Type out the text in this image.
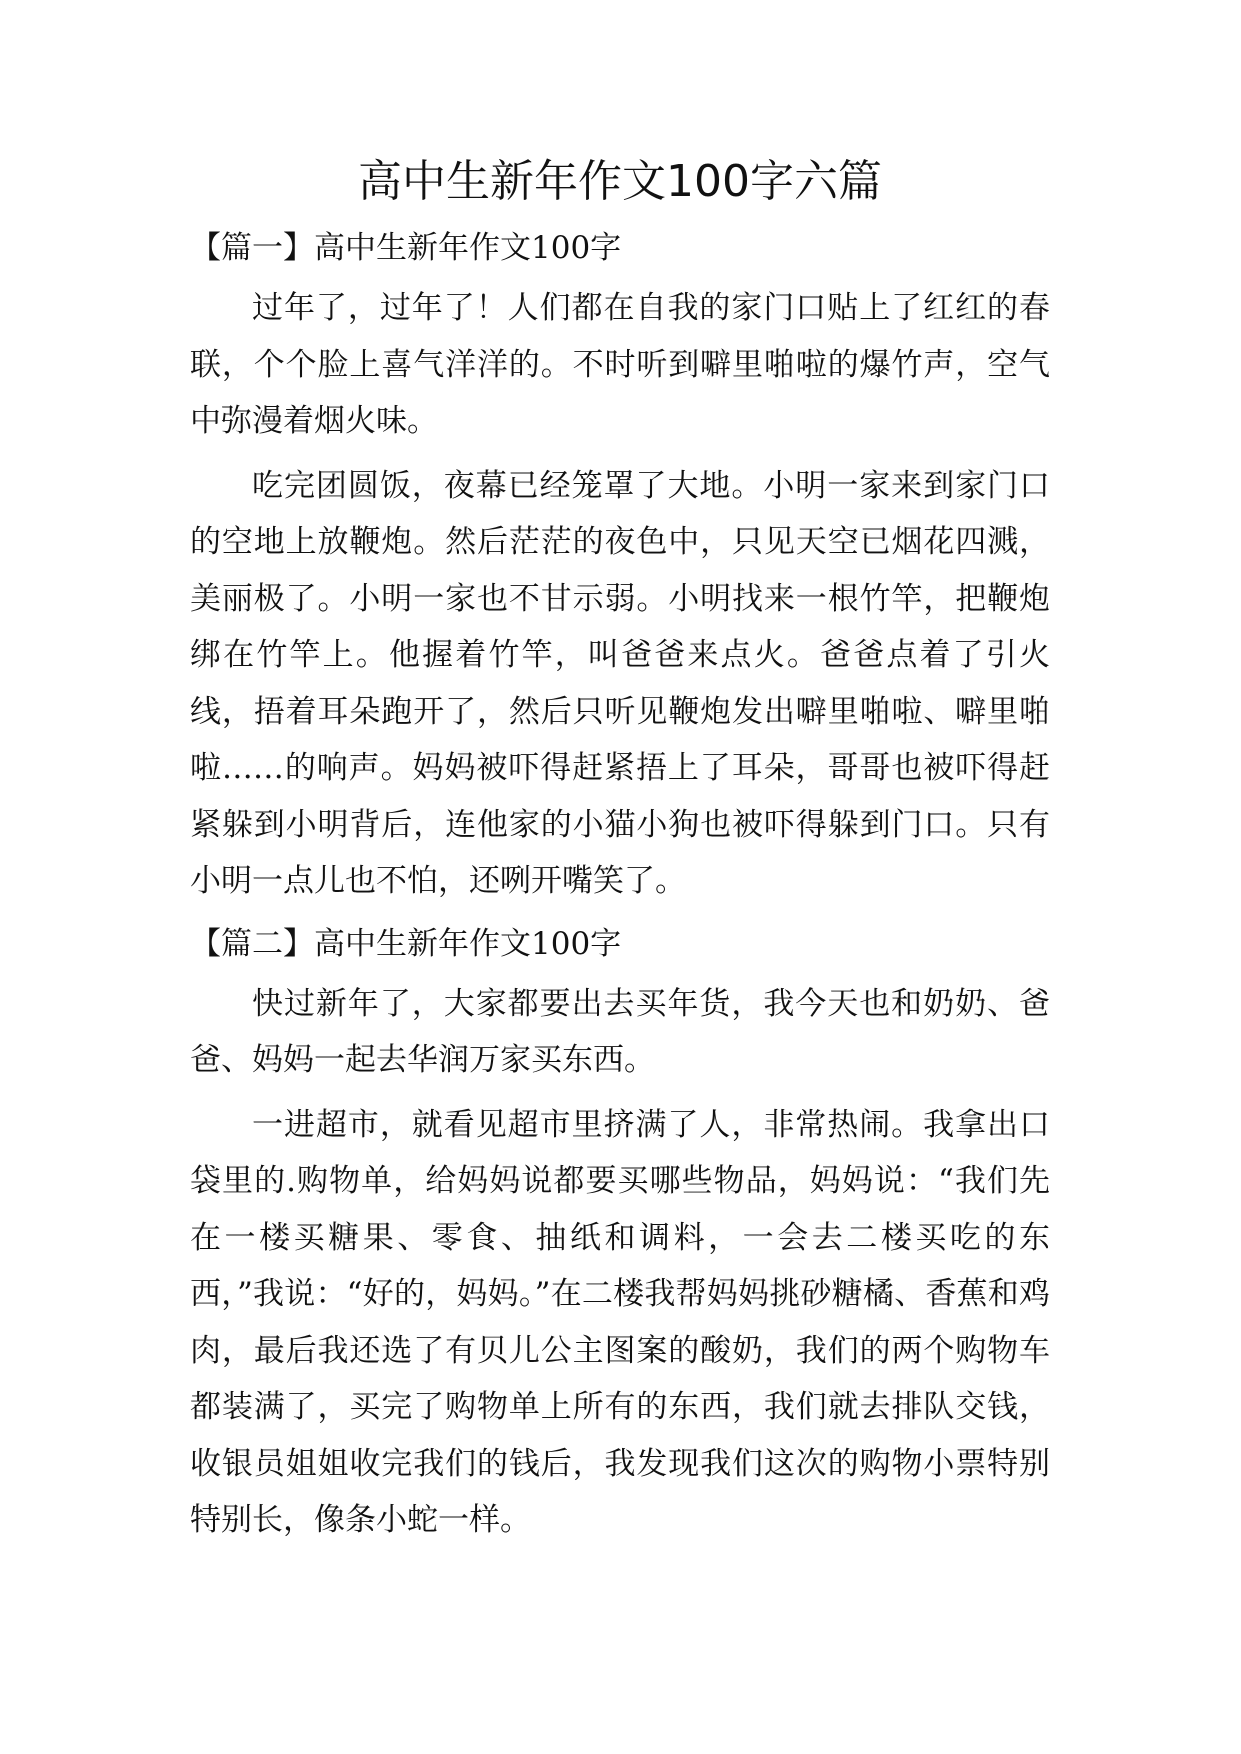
高中生新年作文100字六篇
【篇一】高中生新年作文100字

过年了，过年了！人们都在自我的家门口贴上了红红的春联，个个脸上喜气洋洋的。不时听到噼里啪啦的爆竹声，空气中弥漫着烟火味。

吃完团圆饭，夜幕已经笼罩了大地。小明一家来到家门口的空地上放鞭炮。然后茫茫的夜色中，只见天空已烟花四溅，美丽极了。小明一家也不甘示弱。小明找来一根竹竿，把鞭炮绑在竹竿上。他握着竹竿，叫爸爸来点火。爸爸点着了引火线，捂着耳朵跑开了，然后只听见鞭炮发出噼里啪啦、噼里啪啦……的响声。妈妈被吓得赶紧捂上了耳朵，哥哥也被吓得赶紧躲到小明背后，连他家的小猫小狗也被吓得躲到门口。只有小明一点儿也不怕，还咧开嘴笑了。

【篇二】高中生新年作文100字

快过新年了，大家都要出去买年货，我今天也和奶奶、爸爸、妈妈一起去华润万家买东西。

一进超市，就看见超市里挤满了人，非常热闹。我拿出口袋里的.购物单，给妈妈说都要买哪些物品，妈妈说：“我们先在一楼买糖果、零食、抽纸和调料，一会去二楼买吃的东西，”我说：“好的，妈妈。”在二楼我帮妈妈挑砂糖橘、香蕉和鸡肉，最后我还选了有贝儿公主图案的酸奶，我们的两个购物车都装满了，买完了购物单上所有的东西，我们就去排队交钱，收银员姐姐收完我们的钱后，我发现我们这次的购物小票特别特别长，像条小蛇一样。
